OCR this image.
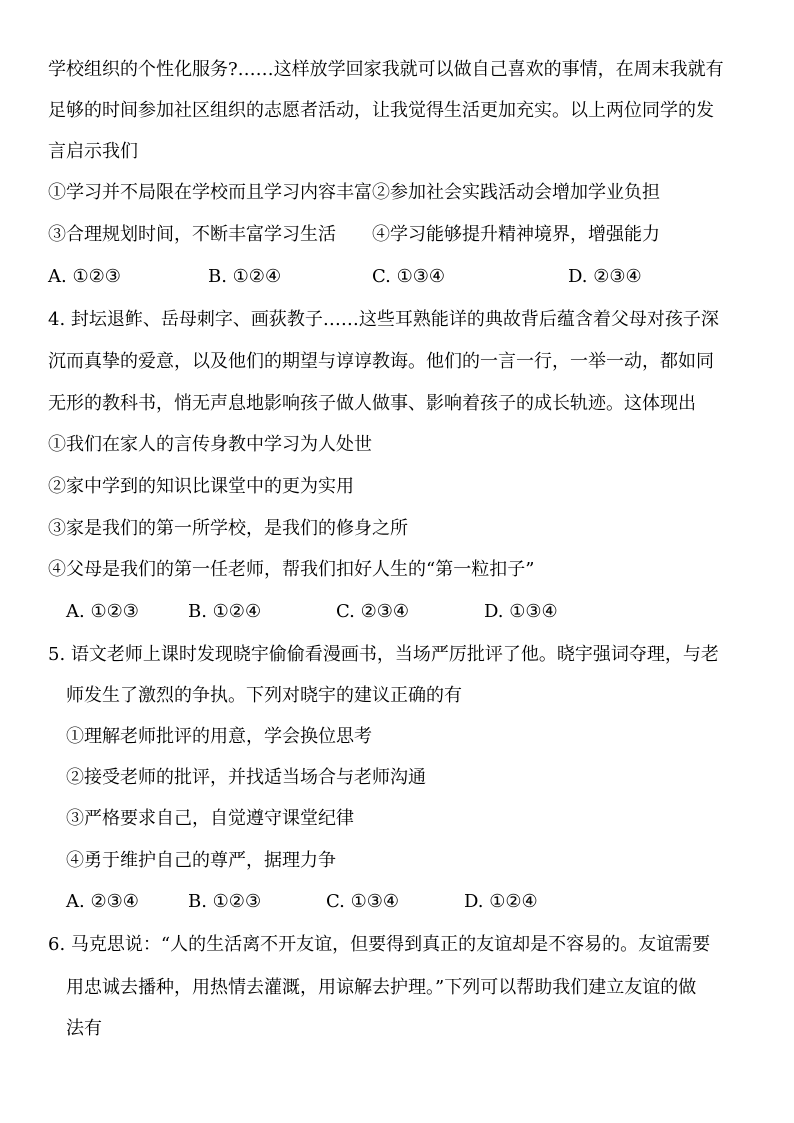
学校组织的个性化服务?……这样放学回家我就可以做自己喜欢的事情，在周末我就有
足够的时间参加社区组织的志愿者活动，让我觉得生活更加充实。以上两位同学的发
言启示我们
①学习并不局限在学校而且学习内容丰富②参加社会实践活动会增加学业负担
③合理规划时间，不断丰富学习生活　　④学习能够提升精神境界，增强能力
A. ①②③	B. ①②④	C. ①③④	D. ②③④
4. 封坛退鲊、岳母刺字、画荻教子……这些耳熟能详的典故背后蕴含着父母对孩子深
沉而真挚的爱意，以及他们的期望与谆谆教诲。他们的一言一行，一举一动，都如同
无形的教科书，悄无声息地影响孩子做人做事、影响着孩子的成长轨迹。这体现出
①我们在家人的言传身教中学习为人处世
②家中学到的知识比课堂中的更为实用
③家是我们的第一所学校，是我们的修身之所
④父母是我们的第一任老师，帮我们扣好人生的“第一粒扣子”
A. ①②③	B. ①②④	C. ②③④	D. ①③④
5. 语文老师上课时发现晓宇偷偷看漫画书，当场严厉批评了他。晓宇强词夺理，与老
师发生了激烈的争执。下列对晓宇的建议正确的有
①理解老师批评的用意，学会换位思考
②接受老师的批评，并找适当场合与老师沟通
③严格要求自己，自觉遵守课堂纪律
④勇于维护自己的尊严，据理力争
A. ②③④	B. ①②③	C. ①③④	D. ①②④
6. 马克思说：“人的生活离不开友谊，但要得到真正的友谊却是不容易的。友谊需要
用忠诚去播种，用热情去灌溉，用谅解去护理。”下列可以帮助我们建立友谊的做
法有
